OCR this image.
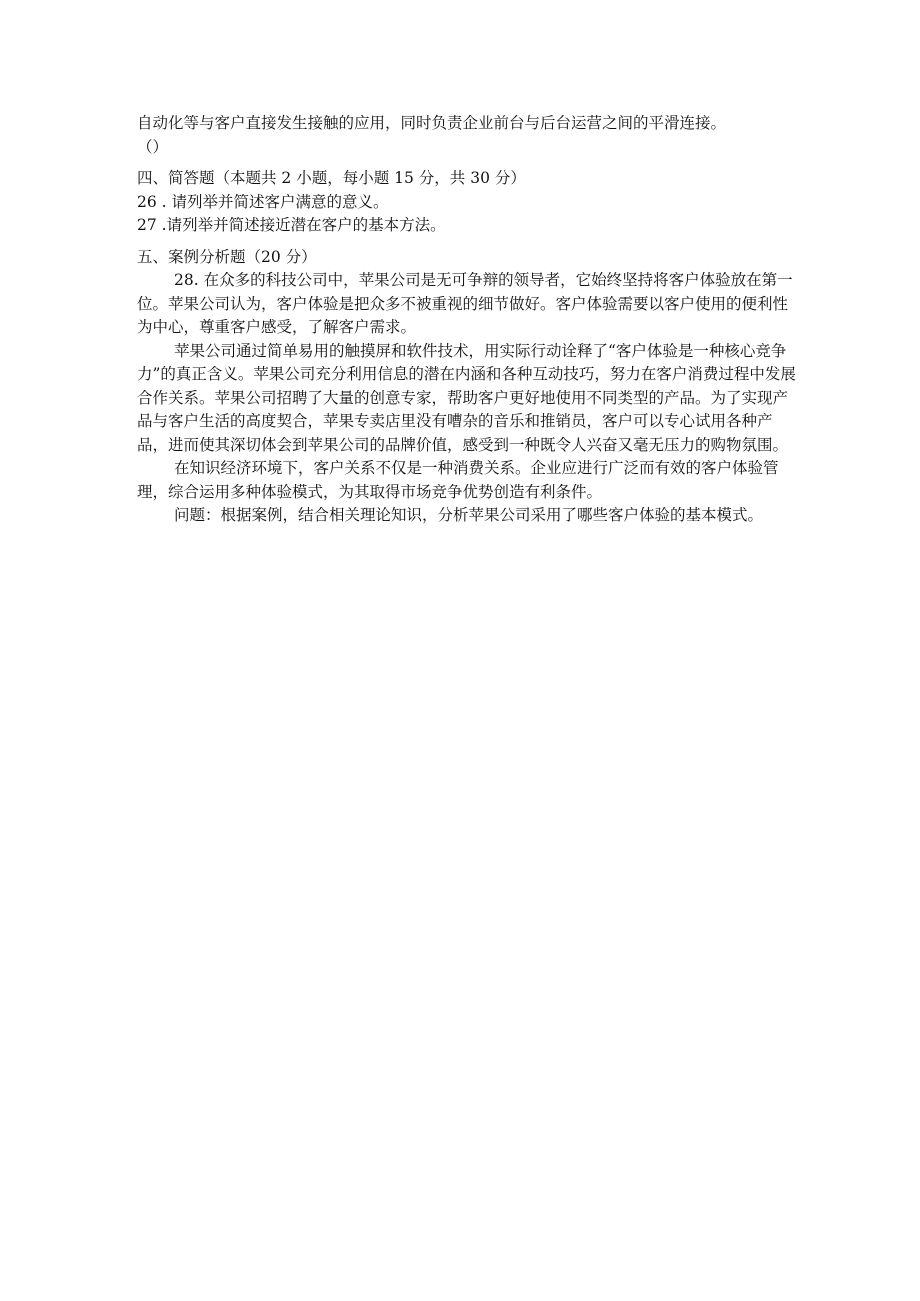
自动化等与客户直接发生接触的应用，同时负责企业前台与后台运营之间的平滑连接。
（）
四、简答题（本题共 2 小题，每小题 15 分，共 30 分）
26 . 请列举并简述客户满意的意义。
27 .请列举并简述接近潜在客户的基本方法。
五、案例分析题（20 分）
28. 在众多的科技公司中，苹果公司是无可争辩的领导者，它始终坚持将客户体验放在第一位。苹果公司认为，客户体验是把众多不被重视的细节做好。客户体验需要以客户使用的便利性为中心，尊重客户感受，了解客户需求。
苹果公司通过简单易用的触摸屏和软件技术，用实际行动诠释了“客户体验是一种核心竞争力”的真正含义。苹果公司充分利用信息的潜在内涵和各种互动技巧，努力在客户消费过程中发展合作关系。苹果公司招聘了大量的创意专家，帮助客户更好地使用不同类型的产品。为了实现产品与客户生活的高度契合，苹果专卖店里没有嘈杂的音乐和推销员，客户可以专心试用各种产品，进而使其深切体会到苹果公司的品牌价值，感受到一种既令人兴奋又毫无压力的购物氛围。
在知识经济环境下，客户关系不仅是一种消费关系。企业应进行广泛而有效的客户体验管理，综合运用多种体验模式，为其取得市场竞争优势创造有利条件。
问题：根据案例，结合相关理论知识，分析苹果公司采用了哪些客户体验的基本模式。
